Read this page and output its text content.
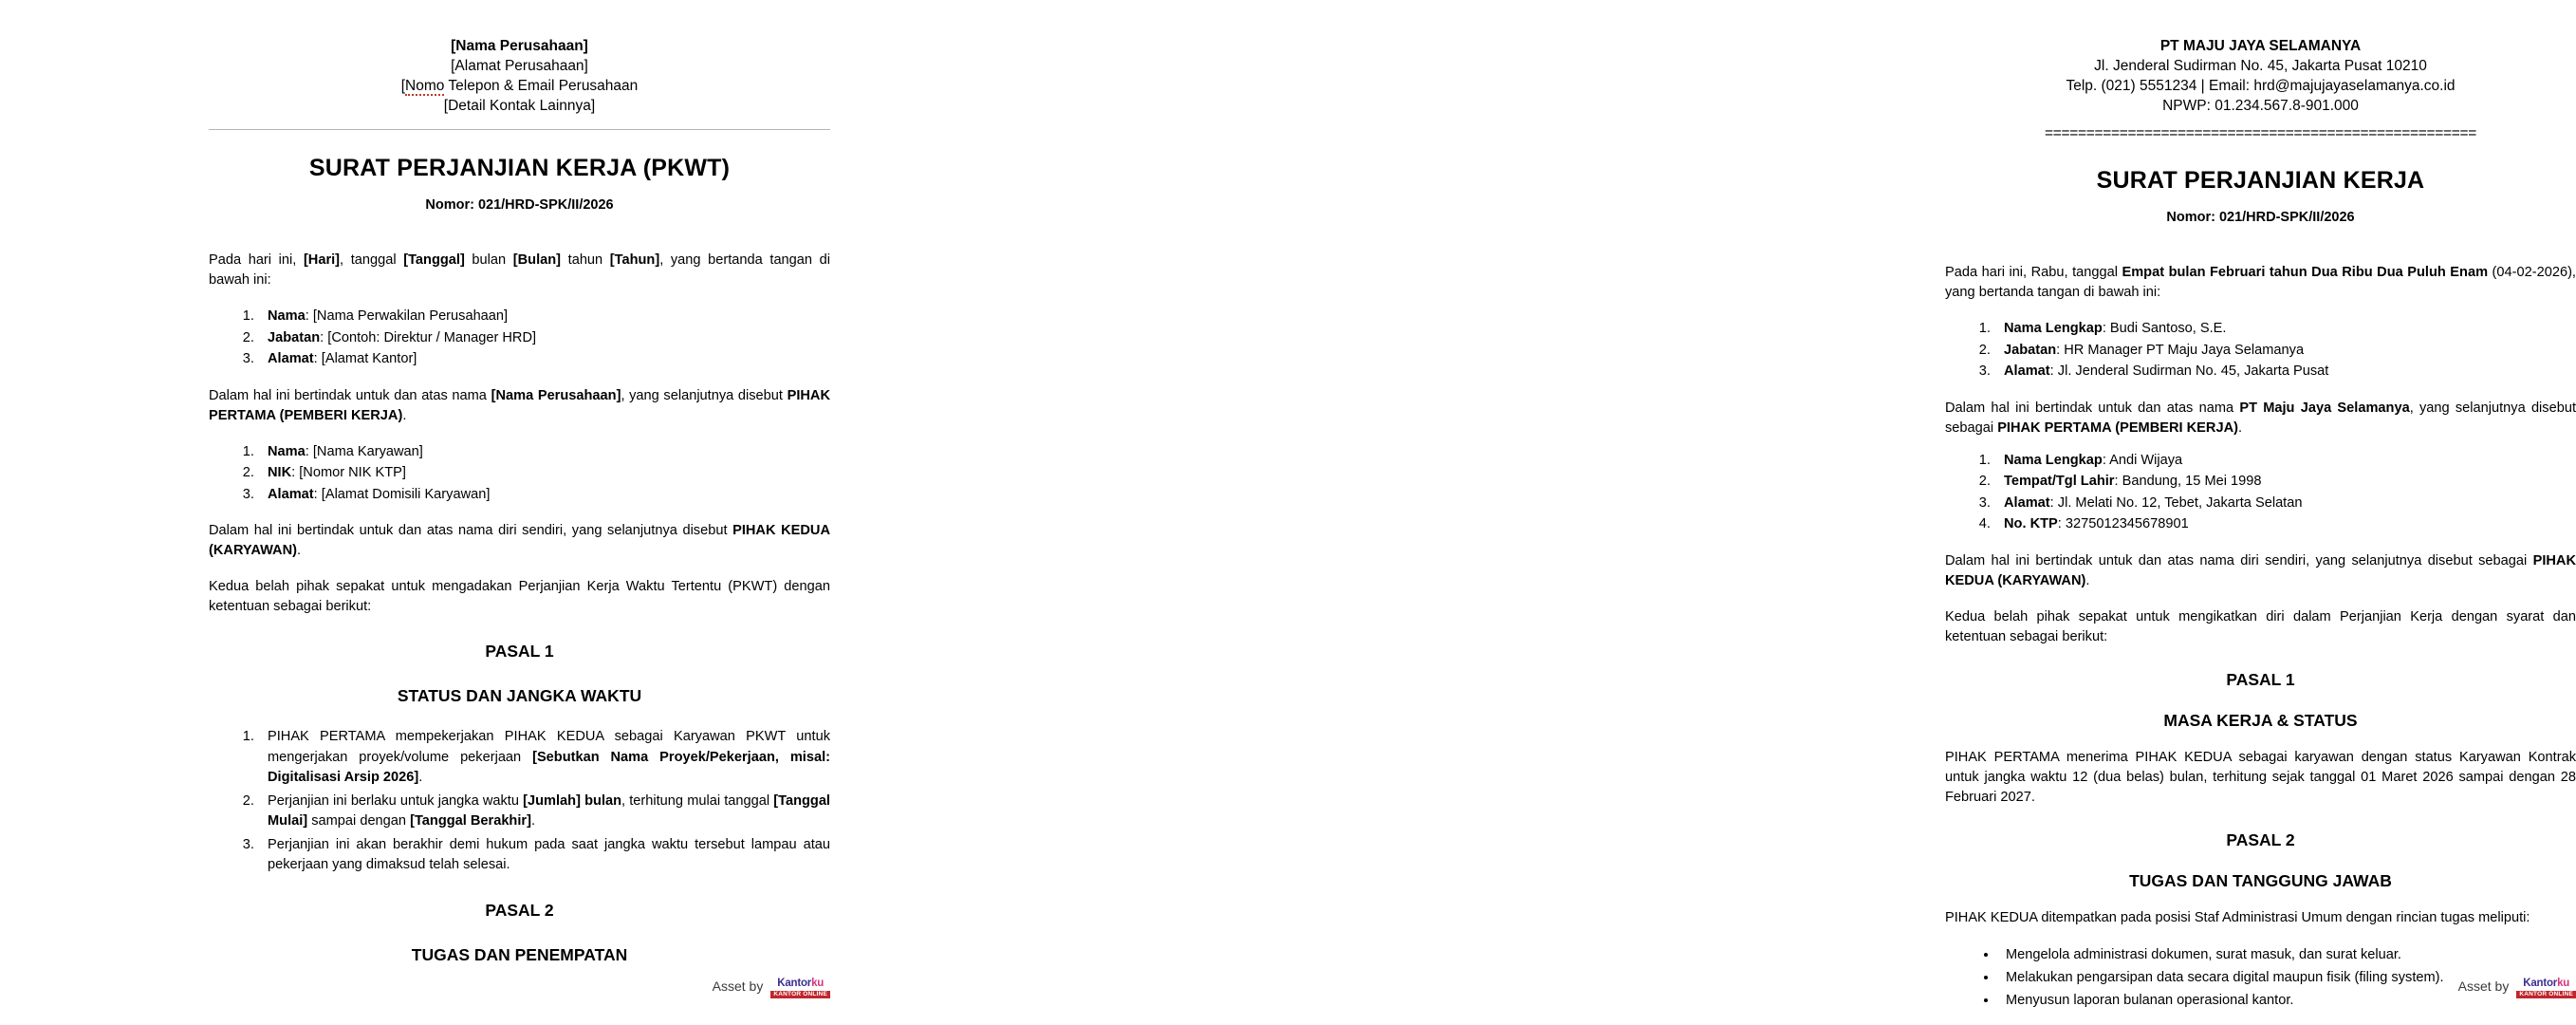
[Nama Perusahaan]
[Alamat Perusahaan]
[Nomo Telepon & Email Perusahaan
[Detail Kontak Lainnya]
SURAT PERJANJIAN KERJA (PKWT)
Nomor: 021/HRD-SPK/II/2026

Pada hari ini, [Hari], tanggal [Tanggal] bulan [Bulan] tahun [Tahun], yang bertanda tangan di bawah ini:

1. Nama: [Nama Perwakilan Perusahaan]
2. Jabatan: [Contoh: Direktur / Manager HRD]
3. Alamat: [Alamat Kantor]

Dalam hal ini bertindak untuk dan atas nama [Nama Perusahaan], yang selanjutnya disebut PIHAK PERTAMA (PEMBERI KERJA).

1. Nama: [Nama Karyawan]
2. NIK: [Nomor NIK KTP]
3. Alamat: [Alamat Domisili Karyawan]

Dalam hal ini bertindak untuk dan atas nama diri sendiri, yang selanjutnya disebut PIHAK KEDUA (KARYAWAN).

Kedua belah pihak sepakat untuk mengadakan Perjanjian Kerja Waktu Tertentu (PKWT) dengan ketentuan sebagai berikut:

PASAL 1
STATUS DAN JANGKA WAKTU
1. PIHAK PERTAMA mempekerjakan PIHAK KEDUA sebagai Karyawan PKWT untuk mengerjakan proyek/volume pekerjaan [Sebutkan Nama Proyek/Pekerjaan, misal: Digitalisasi Arsip 2026].
2. Perjanjian ini berlaku untuk jangka waktu [Jumlah] bulan, terhitung mulai tanggal [Tanggal Mulai] sampai dengan [Tanggal Berakhir].
3. Perjanjian ini akan berakhir demi hukum pada saat jangka waktu tersebut lampau atau pekerjaan yang dimaksud telah selesai.
PASAL 2
TUGAS DAN PENEMPATAN
Asset by	Kantorku
KANTOR ONLINE
PT MAJU JAYA SELAMANYA
Jl. Jenderal Sudirman No. 45, Jakarta Pusat 10210
Telp. (021) 5551234 | Email: hrd@majujayaselamanya.co.id
NPWP: 01.234.567.8-901.000
====================================================
SURAT PERJANJIAN KERJA
Nomor: 021/HRD-SPK/II/2026

Pada hari ini, Rabu, tanggal Empat bulan Februari tahun Dua Ribu Dua Puluh Enam (04-02-2026), yang bertanda tangan di bawah ini:

1. Nama Lengkap: Budi Santoso, S.E.
2. Jabatan: HR Manager PT Maju Jaya Selamanya
3. Alamat: Jl. Jenderal Sudirman No. 45, Jakarta Pusat

Dalam hal ini bertindak untuk dan atas nama PT Maju Jaya Selamanya, yang selanjutnya disebut sebagai PIHAK PERTAMA (PEMBERI KERJA).

1. Nama Lengkap: Andi Wijaya
2. Tempat/Tgl Lahir: Bandung, 15 Mei 1998
3. Alamat: Jl. Melati No. 12, Tebet, Jakarta Selatan
4. No. KTP: 3275012345678901

Dalam hal ini bertindak untuk dan atas nama diri sendiri, yang selanjutnya disebut sebagai PIHAK KEDUA (KARYAWAN).

Kedua belah pihak sepakat untuk mengikatkan diri dalam Perjanjian Kerja dengan syarat dan ketentuan sebagai berikut:

PASAL 1
MASA KERJA & STATUS

PIHAK PERTAMA menerima PIHAK KEDUA sebagai karyawan dengan status Karyawan Kontrak untuk jangka waktu 12 (dua belas) bulan, terhitung sejak tanggal 01 Maret 2026 sampai dengan 28 Februari 2027.

PASAL 2
TUGAS DAN TANGGUNG JAWAB

PIHAK KEDUA ditempatkan pada posisi Staf Administrasi Umum dengan rincian tugas meliputi:

• Mengelola administrasi dokumen, surat masuk, dan surat keluar.
• Melakukan pengarsipan data secara digital maupun fisik (filing system).
• Menyusun laporan bulanan operasional kantor.
Asset by	Kantorku
KANTOR ONLINE
